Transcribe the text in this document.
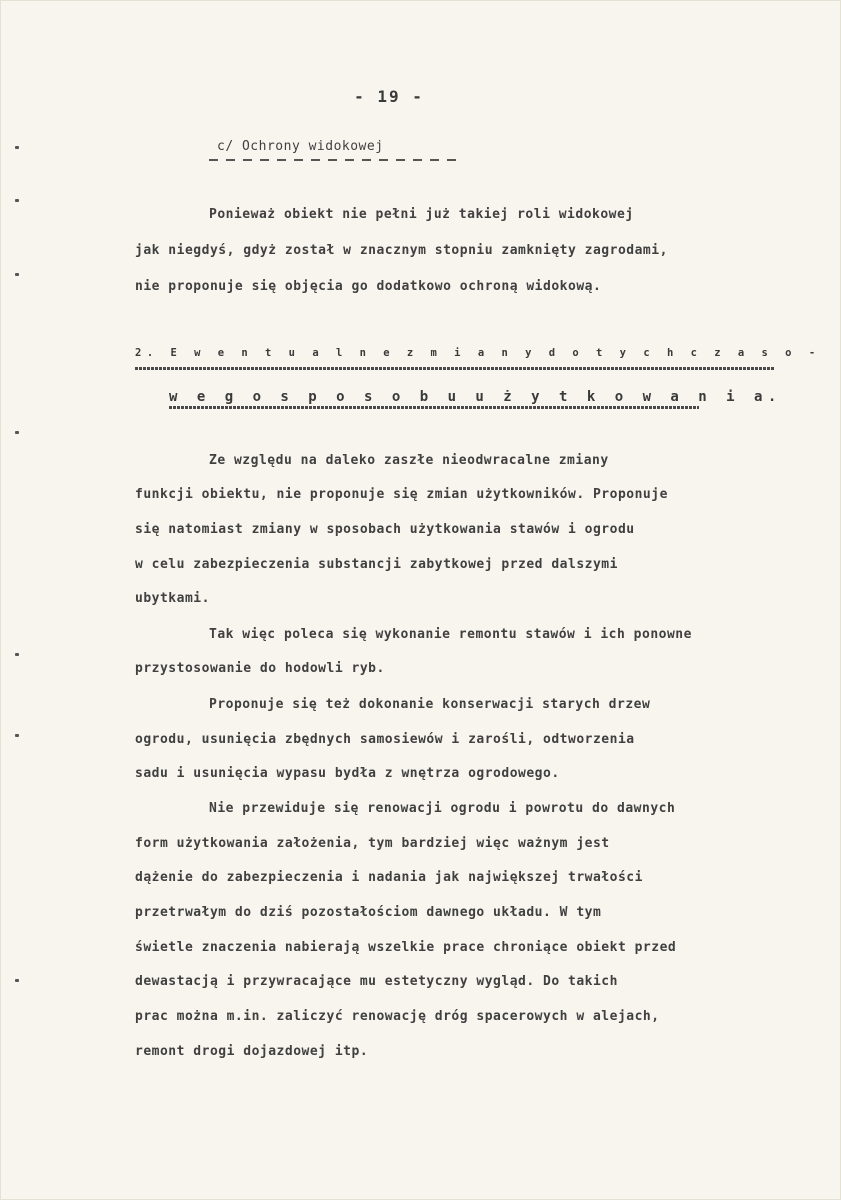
- 19 -
c/ Ochrony widokowej
Ponieważ obiekt nie pełni już takiej roli widokowej
jak niegdyś, gdyż został w znacznym stopniu zamknięty zagrodami,
nie proponuje się objęcia go dodatkowo ochroną widokową.
2. E w e n t u a l n e z m i a n y d o t y c h c z a s o -
w e g o s p o s o b u u ż y t k o w a n i a.
Ze względu na daleko zaszłe nieodwracalne zmiany
funkcji obiektu, nie proponuje się zmian użytkowników. Proponuje
się natomiast zmiany w sposobach użytkowania stawów i ogrodu
w celu zabezpieczenia substancji zabytkowej przed dalszymi
ubytkami.
Tak więc poleca się wykonanie remontu stawów i ich ponowne
przystosowanie do hodowli ryb.
Proponuje się też dokonanie konserwacji starych drzew
ogrodu, usunięcia zbędnych samosiewów i zarośli, odtworzenia
sadu i usunięcia wypasu bydła z wnętrza ogrodowego.
Nie przewiduje się renowacji ogrodu i powrotu do dawnych
form użytkowania założenia, tym bardziej więc ważnym jest
dążenie do zabezpieczenia i nadania jak największej trwałości
przetrwałym do dziś pozostałościom dawnego układu. W tym
świetle znaczenia nabierają wszelkie prace chroniące obiekt przed
dewastacją i przywracające mu estetyczny wygląd. Do takich
prac można m.in. zaliczyć renowację dróg spacerowych w alejach,
remont drogi dojazdowej itp.
